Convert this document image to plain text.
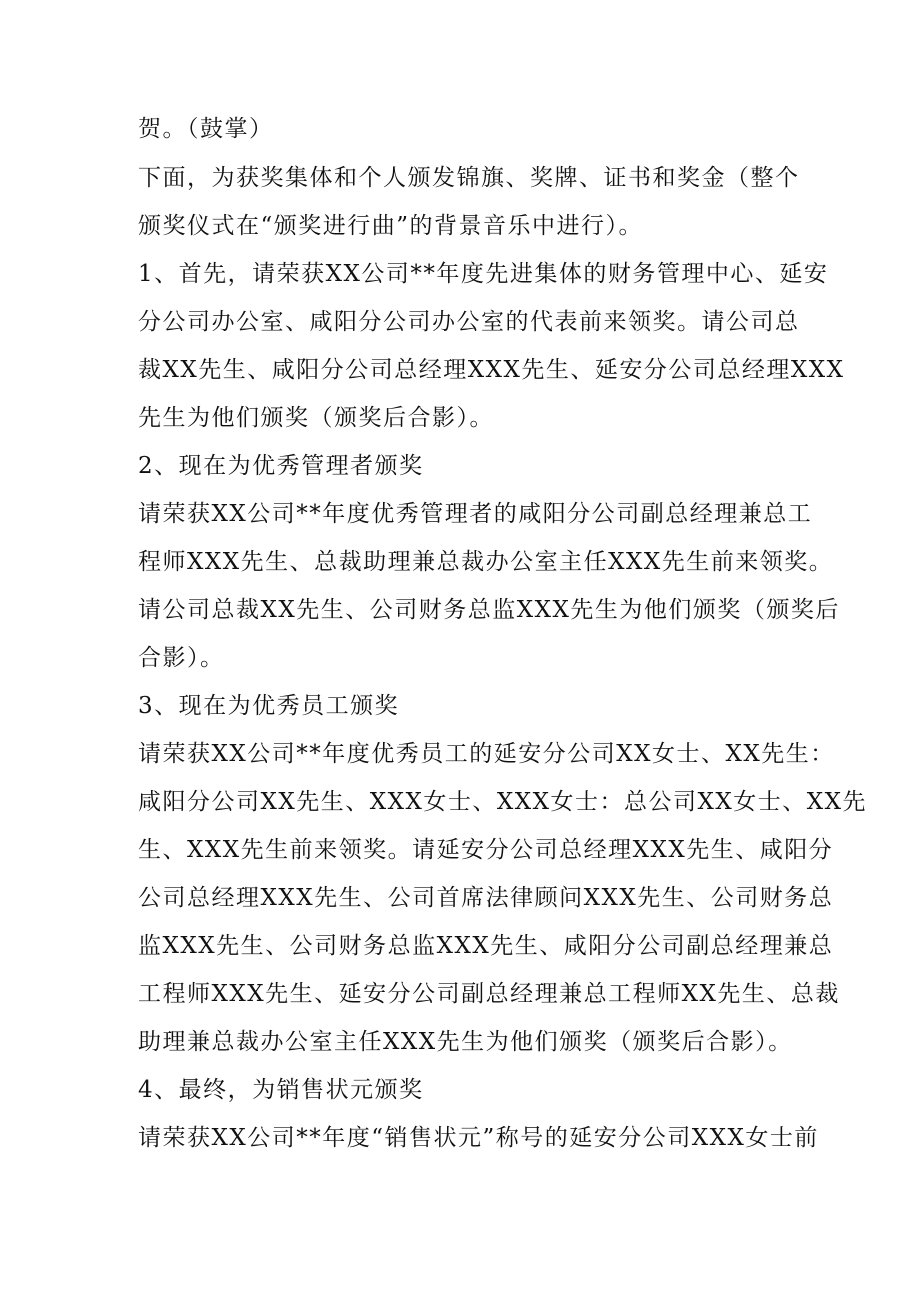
贺。（鼓掌）
下面，为获奖集体和个人颁发锦旗、奖牌、证书和奖金（整个
颁奖仪式在“颁奖进行曲”的背景音乐中进行）。
1、首先，请荣获XX公司**年度先进集体的财务管理中心、延安
分公司办公室、咸阳分公司办公室的代表前来领奖。请公司总
裁XX先生、咸阳分公司总经理XXX先生、延安分公司总经理XXX
先生为他们颁奖（颁奖后合影）。
2、现在为优秀管理者颁奖
请荣获XX公司**年度优秀管理者的咸阳分公司副总经理兼总工
程师XXX先生、总裁助理兼总裁办公室主任XXX先生前来领奖。
请公司总裁XX先生、公司财务总监XXX先生为他们颁奖（颁奖后
合影）。
3、现在为优秀员工颁奖
请荣获XX公司**年度优秀员工的延安分公司XX女士、XX先生：
咸阳分公司XX先生、XXX女士、XXX女士：总公司XX女士、XX先
生、XXX先生前来领奖。请延安分公司总经理XXX先生、咸阳分
公司总经理XXX先生、公司首席法律顾问XXX先生、公司财务总
监XXX先生、公司财务总监XXX先生、咸阳分公司副总经理兼总
工程师XXX先生、延安分公司副总经理兼总工程师XX先生、总裁
助理兼总裁办公室主任XXX先生为他们颁奖（颁奖后合影）。
4、最终，为销售状元颁奖
请荣获XX公司**年度“销售状元”称号的延安分公司XXX女士前
